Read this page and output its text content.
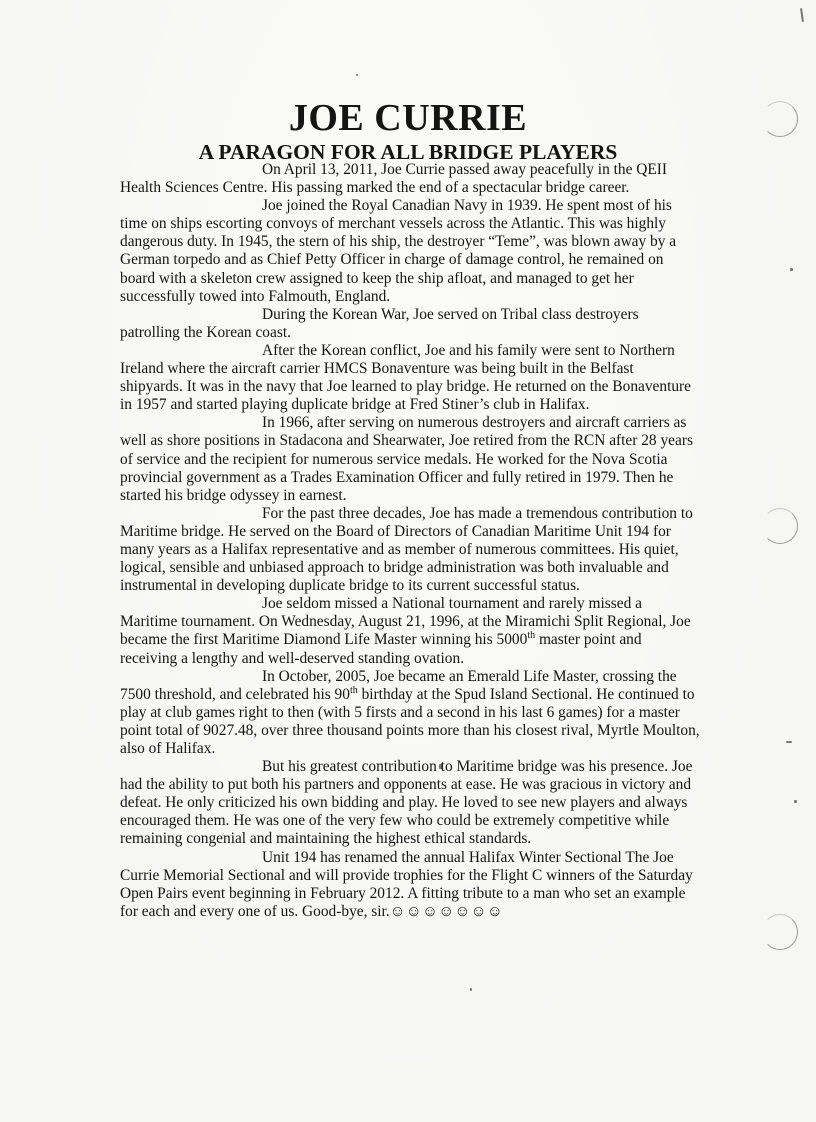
JOE CURRIE
A PARAGON FOR ALL BRIDGE PLAYERS

On April 13, 2011, Joe Currie passed away peacefully in the QEII Health Sciences Centre. His passing marked the end of a spectacular bridge career.

Joe joined the Royal Canadian Navy in 1939. He spent most of his time on ships escorting convoys of merchant vessels across the Atlantic. This was highly dangerous duty. In 1945, the stern of his ship, the destroyer “Teme”, was blown away by a German torpedo and as Chief Petty Officer in charge of damage control, he remained on board with a skeleton crew assigned to keep the ship afloat, and managed to get her successfully towed into Falmouth, England.

During the Korean War, Joe served on Tribal class destroyers patrolling the Korean coast.

After the Korean conflict, Joe and his family were sent to Northern Ireland where the aircraft carrier HMCS Bonaventure was being built in the Belfast shipyards. It was in the navy that Joe learned to play bridge. He returned on the Bonaventure in 1957 and started playing duplicate bridge at Fred Stiner’s club in Halifax.

In 1966, after serving on numerous destroyers and aircraft carriers as well as shore positions in Stadacona and Shearwater, Joe retired from the RCN after 28 years of service and the recipient for numerous service medals. He worked for the Nova Scotia provincial government as a Trades Examination Officer and fully retired in 1979. Then he started his bridge odyssey in earnest.

For the past three decades, Joe has made a tremendous contribution to Maritime bridge. He served on the Board of Directors of Canadian Maritime Unit 194 for many years as a Halifax representative and as member of numerous committees. His quiet, logical, sensible and unbiased approach to bridge administration was both invaluable and instrumental in developing duplicate bridge to its current successful status.

Joe seldom missed a National tournament and rarely missed a Maritime tournament. On Wednesday, August 21, 1996, at the Miramichi Split Regional, Joe became the first Maritime Diamond Life Master winning his 5000th master point and receiving a lengthy and well-deserved standing ovation.

In October, 2005, Joe became an Emerald Life Master, crossing the 7500 threshold, and celebrated his 90th birthday at the Spud Island Sectional. He continued to play at club games right to then (with 5 firsts and a second in his last 6 games) for a master point total of 9027.48, over three thousand points more than his closest rival, Myrtle Moulton, also of Halifax.

But his greatest contribution to Maritime bridge was his presence. Joe had the ability to put both his partners and opponents at ease. He was gracious in victory and defeat. He only criticized his own bidding and play. He loved to see new players and always encouraged them. He was one of the very few who could be extremely competitive while remaining congenial and maintaining the highest ethical standards.

Unit 194 has renamed the annual Halifax Winter Sectional The Joe Currie Memorial Sectional and will provide trophies for the Flight C winners of the Saturday Open Pairs event beginning in February 2012. A fitting tribute to a man who set an example for each and every one of us. Good-bye, sir.☺☺☺☺☺☺☺
